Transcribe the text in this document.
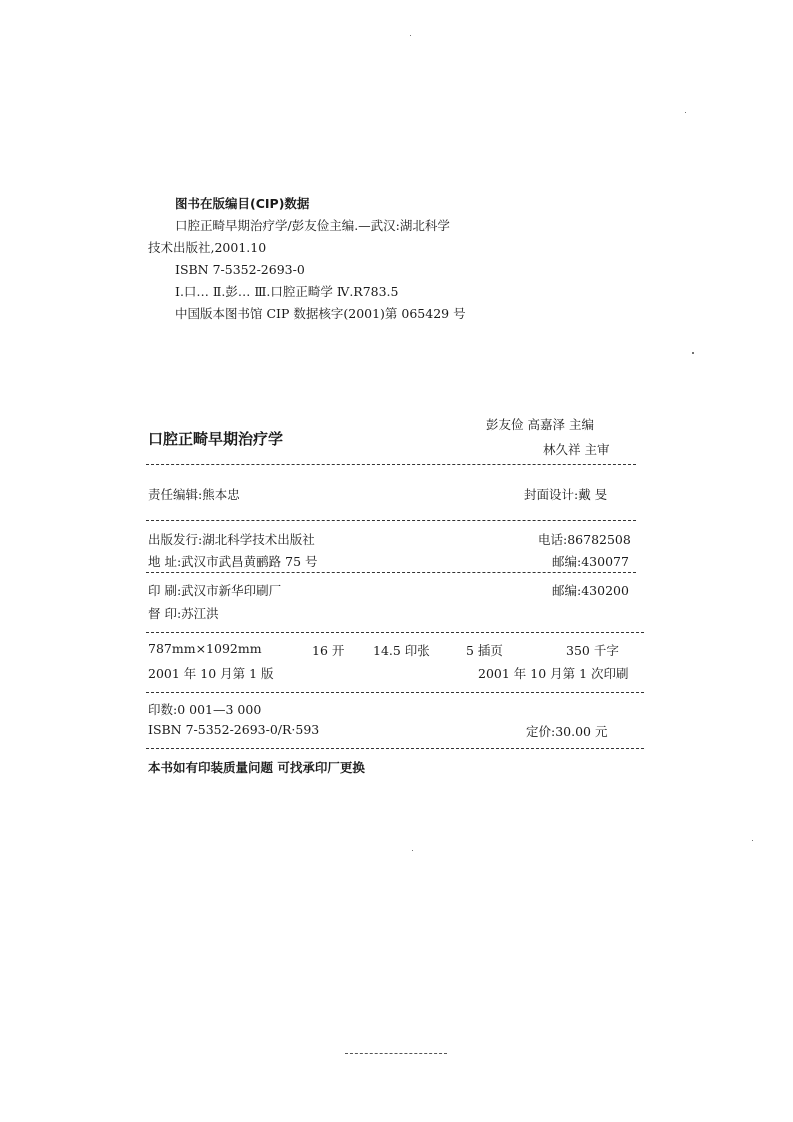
图书在版编目(CIP)数据
口腔正畸早期治疗学/彭友俭主编.—武汉:湖北科学
技术出版社,2001.10
ISBN 7-5352-2693-0
Ⅰ.口… Ⅱ.彭… Ⅲ.口腔正畸学 Ⅳ.R783.5
中国版本图书馆 CIP 数据核字(2001)第 065429 号
口腔正畸早期治疗学
彭友俭 高嘉泽 主编
林久祥 主审
责任编辑:熊本忠	封面设计:戴 旻
出版发行:湖北科学技术出版社	电话:86782508
地 址:武汉市武昌黄鹂路 75 号	邮编:430077
印 刷:武汉市新华印刷厂	邮编:430200
督 印:苏江洪
787mm×1092mm	16 开 14.5 印张	5 插页	350 千字
2001 年 10 月第 1 版	2001 年 10 月第 1 次印刷
印数:0 001—3 000
ISBN 7-5352-2693-0/R·593	定价:30.00 元
本书如有印装质量问题 可找承印厂更换
